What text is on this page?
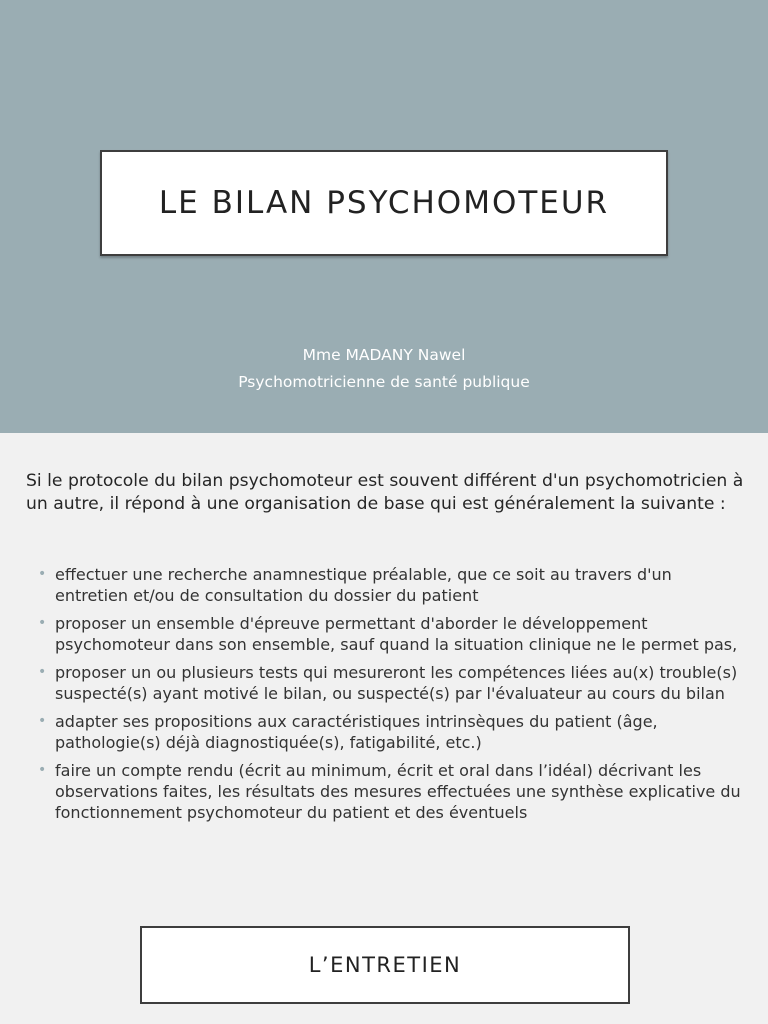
LE BILAN PSYCHOMOTEUR
Mme MADANY Nawel
Psychomotricienne de santé publique

Si le protocole du bilan psychomoteur est souvent différent d'un psychomotricien à un autre, il répond à une organisation de base qui est généralement la suivante :

• effectuer une recherche anamnestique préalable, que ce soit au travers d'un entretien et/ou de consultation du dossier du patient
• proposer un ensemble d'épreuve permettant d'aborder le développement psychomoteur dans son ensemble, sauf quand la situation clinique ne le permet pas,
• proposer un ou plusieurs tests qui mesureront les compétences liées au(x) trouble(s) suspecté(s) ayant motivé le bilan, ou suspecté(s) par l'évaluateur au cours du bilan
• adapter ses propositions aux caractéristiques intrinsèques du patient (âge, pathologie(s) déjà diagnostiquée(s), fatigabilité, etc.)
• faire un compte rendu (écrit au minimum, écrit et oral dans l’idéal) décrivant les observations faites, les résultats des mesures effectuées une synthèse explicative du fonctionnement psychomoteur du patient et des éventuels
L’ENTRETIEN
